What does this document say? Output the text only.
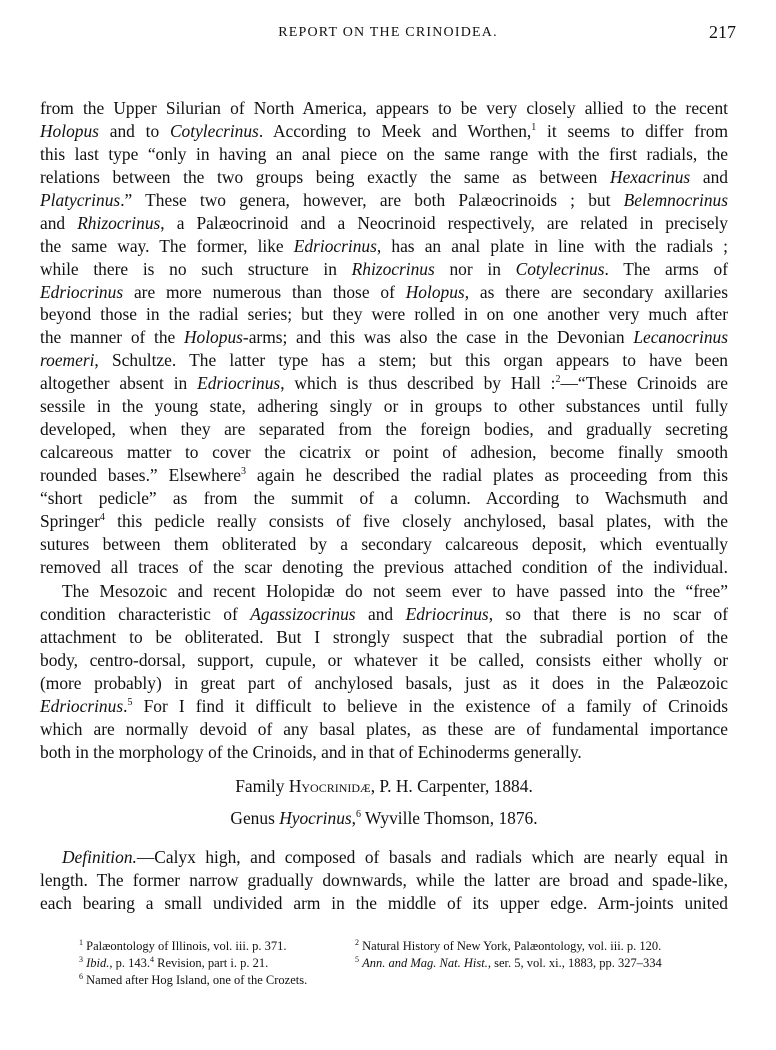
REPORT ON THE CRINOIDEA.	217
from the Upper Silurian of North America, appears to be very closely allied to the recent
Holopus and to Cotylecrinus. According to Meek and Worthen,$^1$ it seems to differ from
this last type “only in having an anal piece on the same range with the first radials, the
relations between the two groups being exactly the same as between Hexacrinus and
Platycrinus.” These two genera, however, are both Palæocrinoids ; but Belemnocrinus
and Rhizocrinus, a Palæocrinoid and a Neocrinoid respectively, are related in precisely
the same way. The former, like Edriocrinus, has an anal plate in line with the radials ;
while there is no such structure in Rhizocrinus nor in Cotylecrinus. The arms of
Edriocrinus are more numerous than those of Holopus, as there are secondary axillaries
beyond those in the radial series; but they were rolled in on one another very much after
the manner of the Holopus-arms; and this was also the case in the Devonian Lecanocrinus
roemeri, Schultze. The latter type has a stem; but this organ appears to have been
altogether absent in Edriocrinus, which is thus described by Hall :$^2$—“These Crinoids are
sessile in the young state, adhering singly or in groups to other substances until fully
developed, when they are separated from the foreign bodies, and gradually secreting
calcareous matter to cover the cicatrix or point of adhesion, become finally smooth
rounded bases.” Elsewhere$^3$ again he described the radial plates as proceeding from this
“short pedicle” as from the summit of a column. According to Wachsmuth and
Springer$^4$ this pedicle really consists of five closely anchylosed, basal plates, with the
sutures between them obliterated by a secondary calcareous deposit, which eventually
removed all traces of the scar denoting the previous attached condition of the individual.
The Mesozoic and recent Holopidæ do not seem ever to have passed into the “free”
condition characteristic of Agassizocrinus and Edriocrinus, so that there is no scar of
attachment to be obliterated. But I strongly suspect that the subradial portion of the
body, centro-dorsal, support, cupule, or whatever it be called, consists either wholly or
(more probably) in great part of anchylosed basals, just as it does in the Palæozoic
Edriocrinus.$^5$ For I find it difficult to believe in the existence of a family of Crinoids
which are normally devoid of any basal plates, as these are of fundamental importance
both in the morphology of the Crinoids, and in that of Echinoderms generally.
Family Hyocrinidæ, P. H. Carpenter, 1884.
Genus Hyocrinus,$^6$ Wyville Thomson, 1876.
Definition.—Calyx high, and composed of basals and radials which are nearly equal in
length. The former narrow gradually downwards, while the latter are broad and spade-like,
each bearing a small undivided arm in the middle of its upper edge. Arm-joints united
$^1$ Palæontology of Illinois, vol. iii. p. 371.	$^2$ Natural History of New York, Palæontology, vol. iii. p. 120.
$^3$ Ibid., p. 143. $^4$ Revision, part i. p. 21.	$^5$ Ann. and Mag. Nat. Hist., ser. 5, vol. xi., 1883, pp. 327–334
$^6$ Named after Hog Island, one of the Crozets.
